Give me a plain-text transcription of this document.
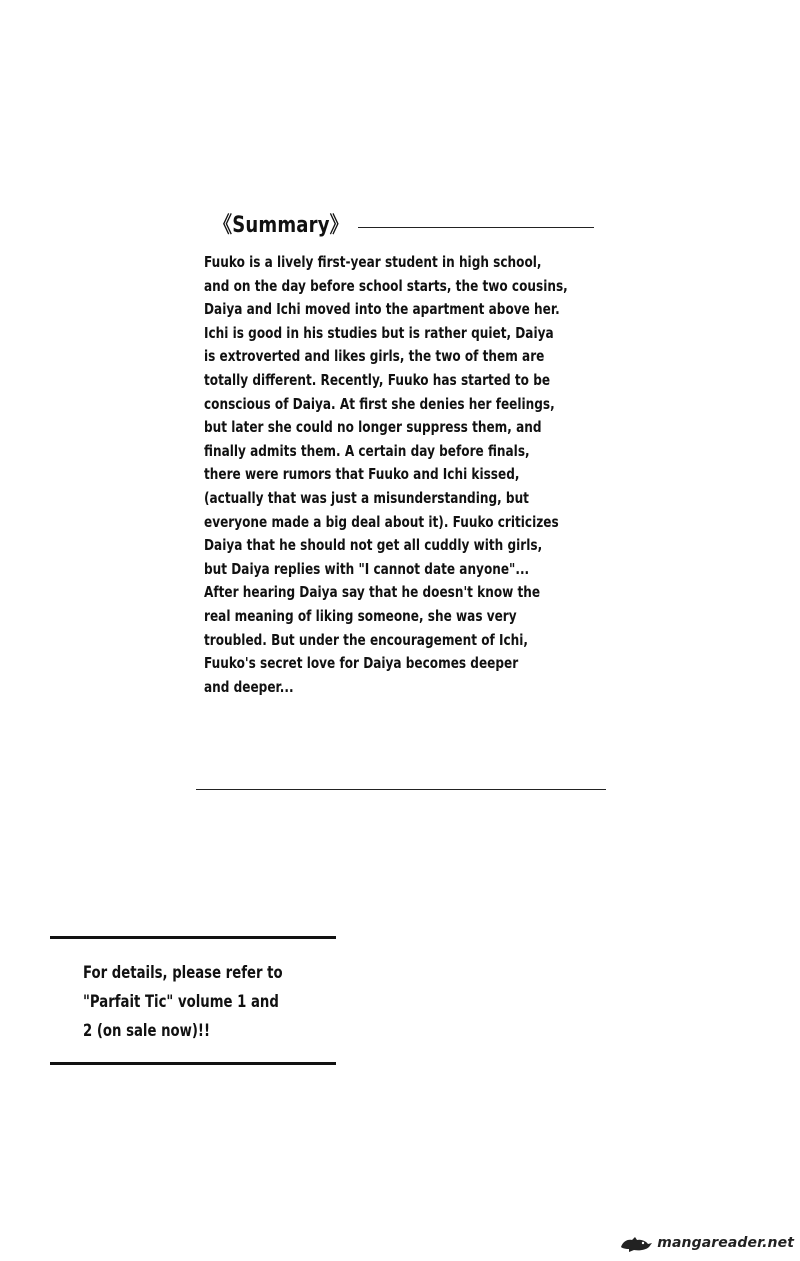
《Summary》
Fuuko is a lively first-year student in high school,
and on the day before school starts, the two cousins,
Daiya and Ichi moved into the apartment above her.
Ichi is good in his studies but is rather quiet, Daiya
is extroverted and likes girls, the two of them are
totally different. Recently, Fuuko has started to be
conscious of Daiya. At first she denies her feelings,
but later she could no longer suppress them, and
finally admits them. A certain day before finals,
there were rumors that Fuuko and Ichi kissed,
(actually that was just a misunderstanding, but
everyone made a big deal about it). Fuuko criticizes
Daiya that he should not get all cuddly with girls,
but Daiya replies with "I cannot date anyone"...
After hearing Daiya say that he doesn't know the
real meaning of liking someone, she was very
troubled. But under the encouragement of Ichi,
Fuuko's secret love for Daiya becomes deeper
and deeper...
For details, please refer to
"Parfait Tic" volume 1 and
2 (on sale now)!!
mangareader.net
